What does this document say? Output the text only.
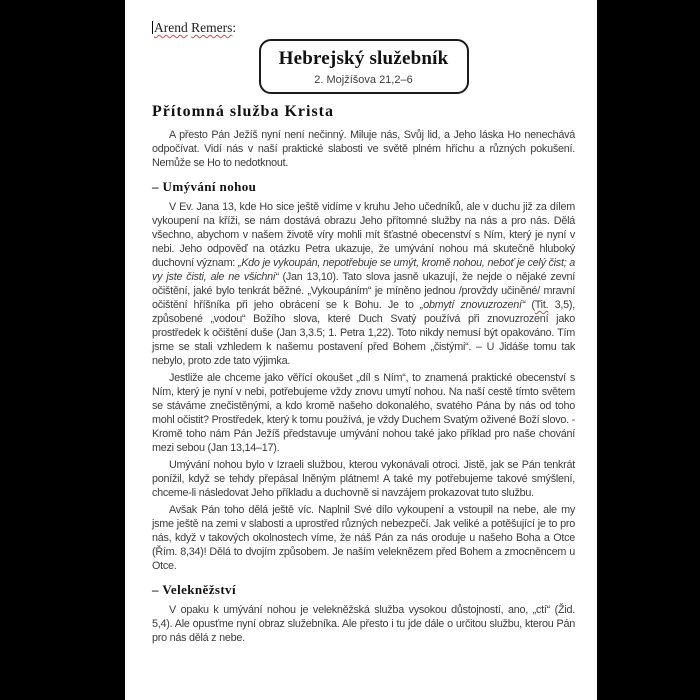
Arend Remers:
Hebrejský služebník
2. Mojžíšova 21,2–6
Přítomná služba Krista
A přesto Pán Ježíš nyní není nečinný. Miluje nás, Svůj lid, a Jeho láska Ho nenechává odpočívat. Vidí nás v naší praktické slabosti ve světě plném hříchu a různých pokušení. Nemůže se Ho to nedotknout.
– Umývání nohou
V Ev. Jana 13, kde Ho sice ještě vidíme v kruhu Jeho učedníků, ale v duchu již za dílem vykoupení na kříži, se nám dostává obrazu Jeho přítomné služby na nás a pro nás. Dělá všechno, abychom v našem životě víry mohli mít šťastné obecenství s Ním, který je nyní v nebi. Jeho odpověď na otázku Petra ukazuje, že umývání nohou má skutečně hluboký duchovní význam: „Kdo je vykoupán, nepotřebuje se umýt, kromě nohou, neboť je celý čist; a vy jste čisti, ale ne všichni“ (Jan 13,10). Tato slova jasně ukazují, že nejde o nějaké zevní očištění, jaké bylo tenkrát běžné. „Vykoupáním“ je míněno jednou /provždy učiněné/ mravní očištění hříšníka při jeho obrácení se k Bohu. Je to „obmytí znovuzrození“ (Tit. 3,5), způsobené „vodou“ Božího slova, které Duch Svatý používá při znovuzrození jako prostředek k očištění duše (Jan 3,3.5; 1. Petra 1,22). Toto nikdy nemusí být opakováno. Tím jsme se stali vzhledem k našemu postavení před Bohem „čistými“. – U Jidáše tomu tak nebylo, proto zde tato výjimka.
Jestliže ale chceme jako věřící okoušet „díl s Ním“, to znamená praktické obecenství s Ním, který je nyní v nebi, potřebujeme vždy znovu umytí nohou. Na naší cestě tímto světem se stáváme znečistěnými, a kdo kromě našeho dokonalého, svatého Pána by nás od toho mohl očistit? Prostředek, který k tomu používá, je vždy Duchem Svatým oživené Boží slovo. - Kromě toho nám Pán Ježíš představuje umývání nohou také jako příklad pro naše chování mezi sebou (Jan 13,14–17).
Umývání nohou bylo v Izraeli službou, kterou vykonávali otroci. Jistě, jak se Pán tenkrát ponížil, když se tehdy přepásal lněným plátnem! A také my potřebujeme takové smýšlení, chceme-li následovat Jeho příkladu a duchovně si navzájem prokazovat tuto službu.
Avšak Pán toho dělá ještě víc. Naplnil Své dílo vykoupení a vstoupil na nebe, ale my jsme ještě na zemi v slabosti a uprostřed různých nebezpečí. Jak veliké a potěšující je to pro nás, když v takových okolnostech víme, že náš Pán za nás oroduje u našeho Boha a Otce (Řím. 8,34)! Dělá to dvojím způsobem. Je naším veleknězem před Bohem a zmocněncem u Otce.
– Velekněžství
V opaku k umývání nohou je velekněžská služba vysokou důstojností, ano, „ctí“ (Žid. 5,4). Ale opusťme nyní obraz služebníka. Ale přesto i tu jde dále o určitou službu, kterou Pán pro nás dělá z nebe.
